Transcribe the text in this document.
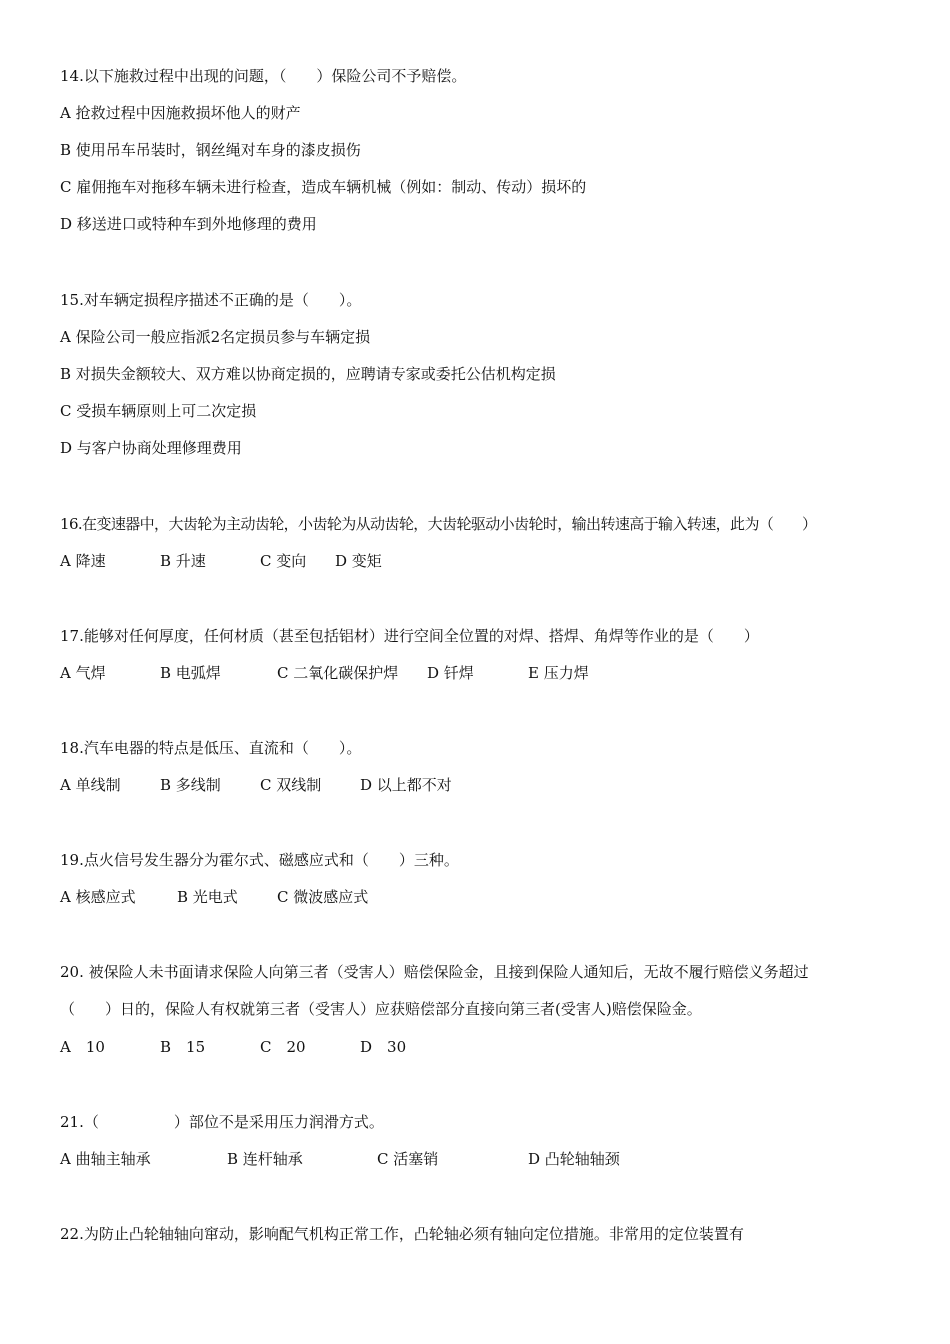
14.以下施救过程中出现的问题，（　　）保险公司不予赔偿。
A 抢救过程中因施救损坏他人的财产
B 使用吊车吊装时，钢丝绳对车身的漆皮损伤
C 雇佣拖车对拖移车辆未进行检查，造成车辆机械（例如：制动、传动）损坏的
D 移送进口或特种车到外地修理的费用
15.对车辆定损程序描述不正确的是（　　）。
A 保险公司一般应指派2名定损员参与车辆定损
B 对损失金额较大、双方难以协商定损的，应聘请专家或委托公估机构定损
C 受损车辆原则上可二次定损
D 与客户协商处理修理费用
16.在变速器中，大齿轮为主动齿轮，小齿轮为从动齿轮，大齿轮驱动小齿轮时，输出转速高于输入转速，此为（　　）
A 降速	B 升速	C 变向 D 变矩
17.能够对任何厚度，任何材质（甚至包括铝材）进行空间全位置的对焊、搭焊、角焊等作业的是（　　）
A 气焊	B 电弧焊	C 二氧化碳保护焊 D 钎焊	E 压力焊
18.汽车电器的特点是低压、直流和（　　）。
A 单线制	B 多线制	C 双线制	D 以上都不对
19.点火信号发生器分为霍尔式、磁感应式和（　　）三种。
A 核感应式	B 光电式	C 微波感应式
20. 被保险人未书面请求保险人向第三者（受害人）赔偿保险金，且接到保险人通知后，无故不履行赔偿义务超过
（　　）日的，保险人有权就第三者（受害人）应获赔偿部分直接向第三者(受害人)赔偿保险金。
A　10	B　15	C　20	D　30
21.（　　　　　）部位不是采用压力润滑方式。
A 曲轴主轴承	B 连杆轴承	C 活塞销	D 凸轮轴轴颈
22.为防止凸轮轴轴向窜动，影响配气机构正常工作，凸轮轴必须有轴向定位措施。非常用的定位装置有
